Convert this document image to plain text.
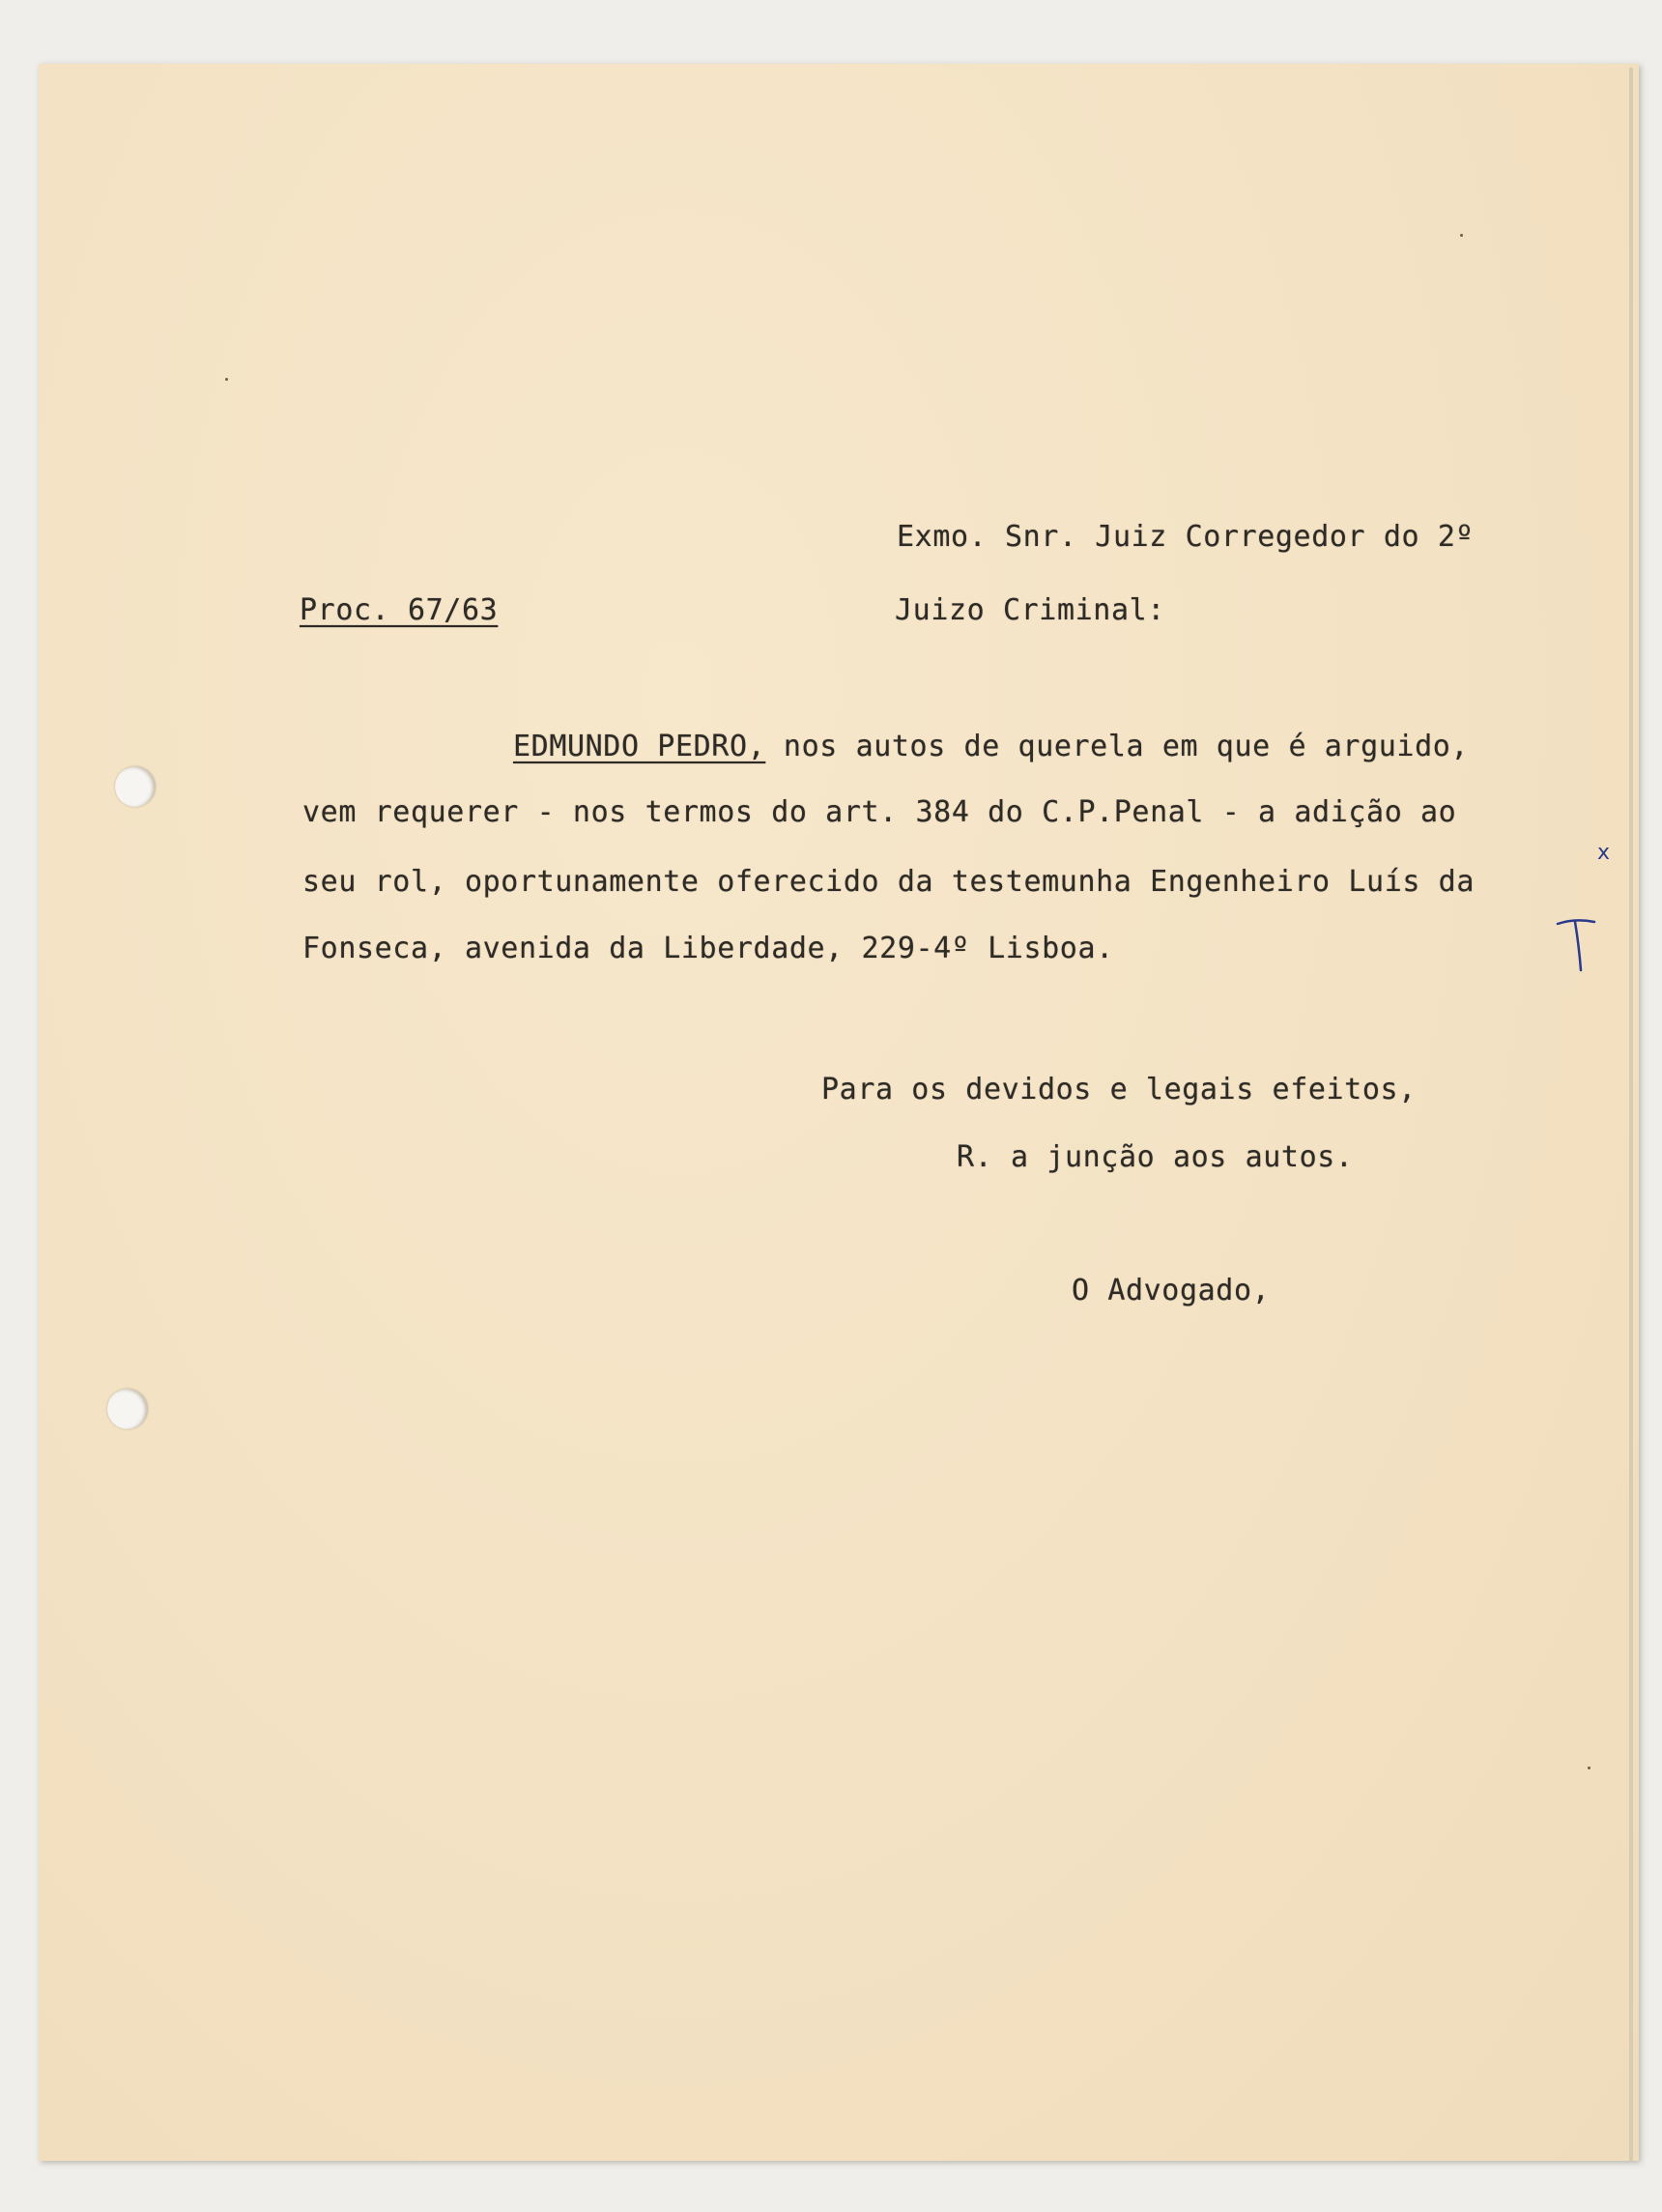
Exmo. Snr. Juiz Corregedor do 2º
Proc. 67/63	Juizo Criminal:
EDMUNDO PEDRO, nos autos de querela em que é arguido,
vem requerer - nos termos do art. 384 do C.P.Penal - a adição ao
seu rol, oportunamente oferecido da testemunha Engenheiro Luís da
Fonseca, avenida da Liberdade, 229-4º Lisboa.
Para os devidos e legais efeitos,
R. a junção aos autos.
O Advogado,
x
